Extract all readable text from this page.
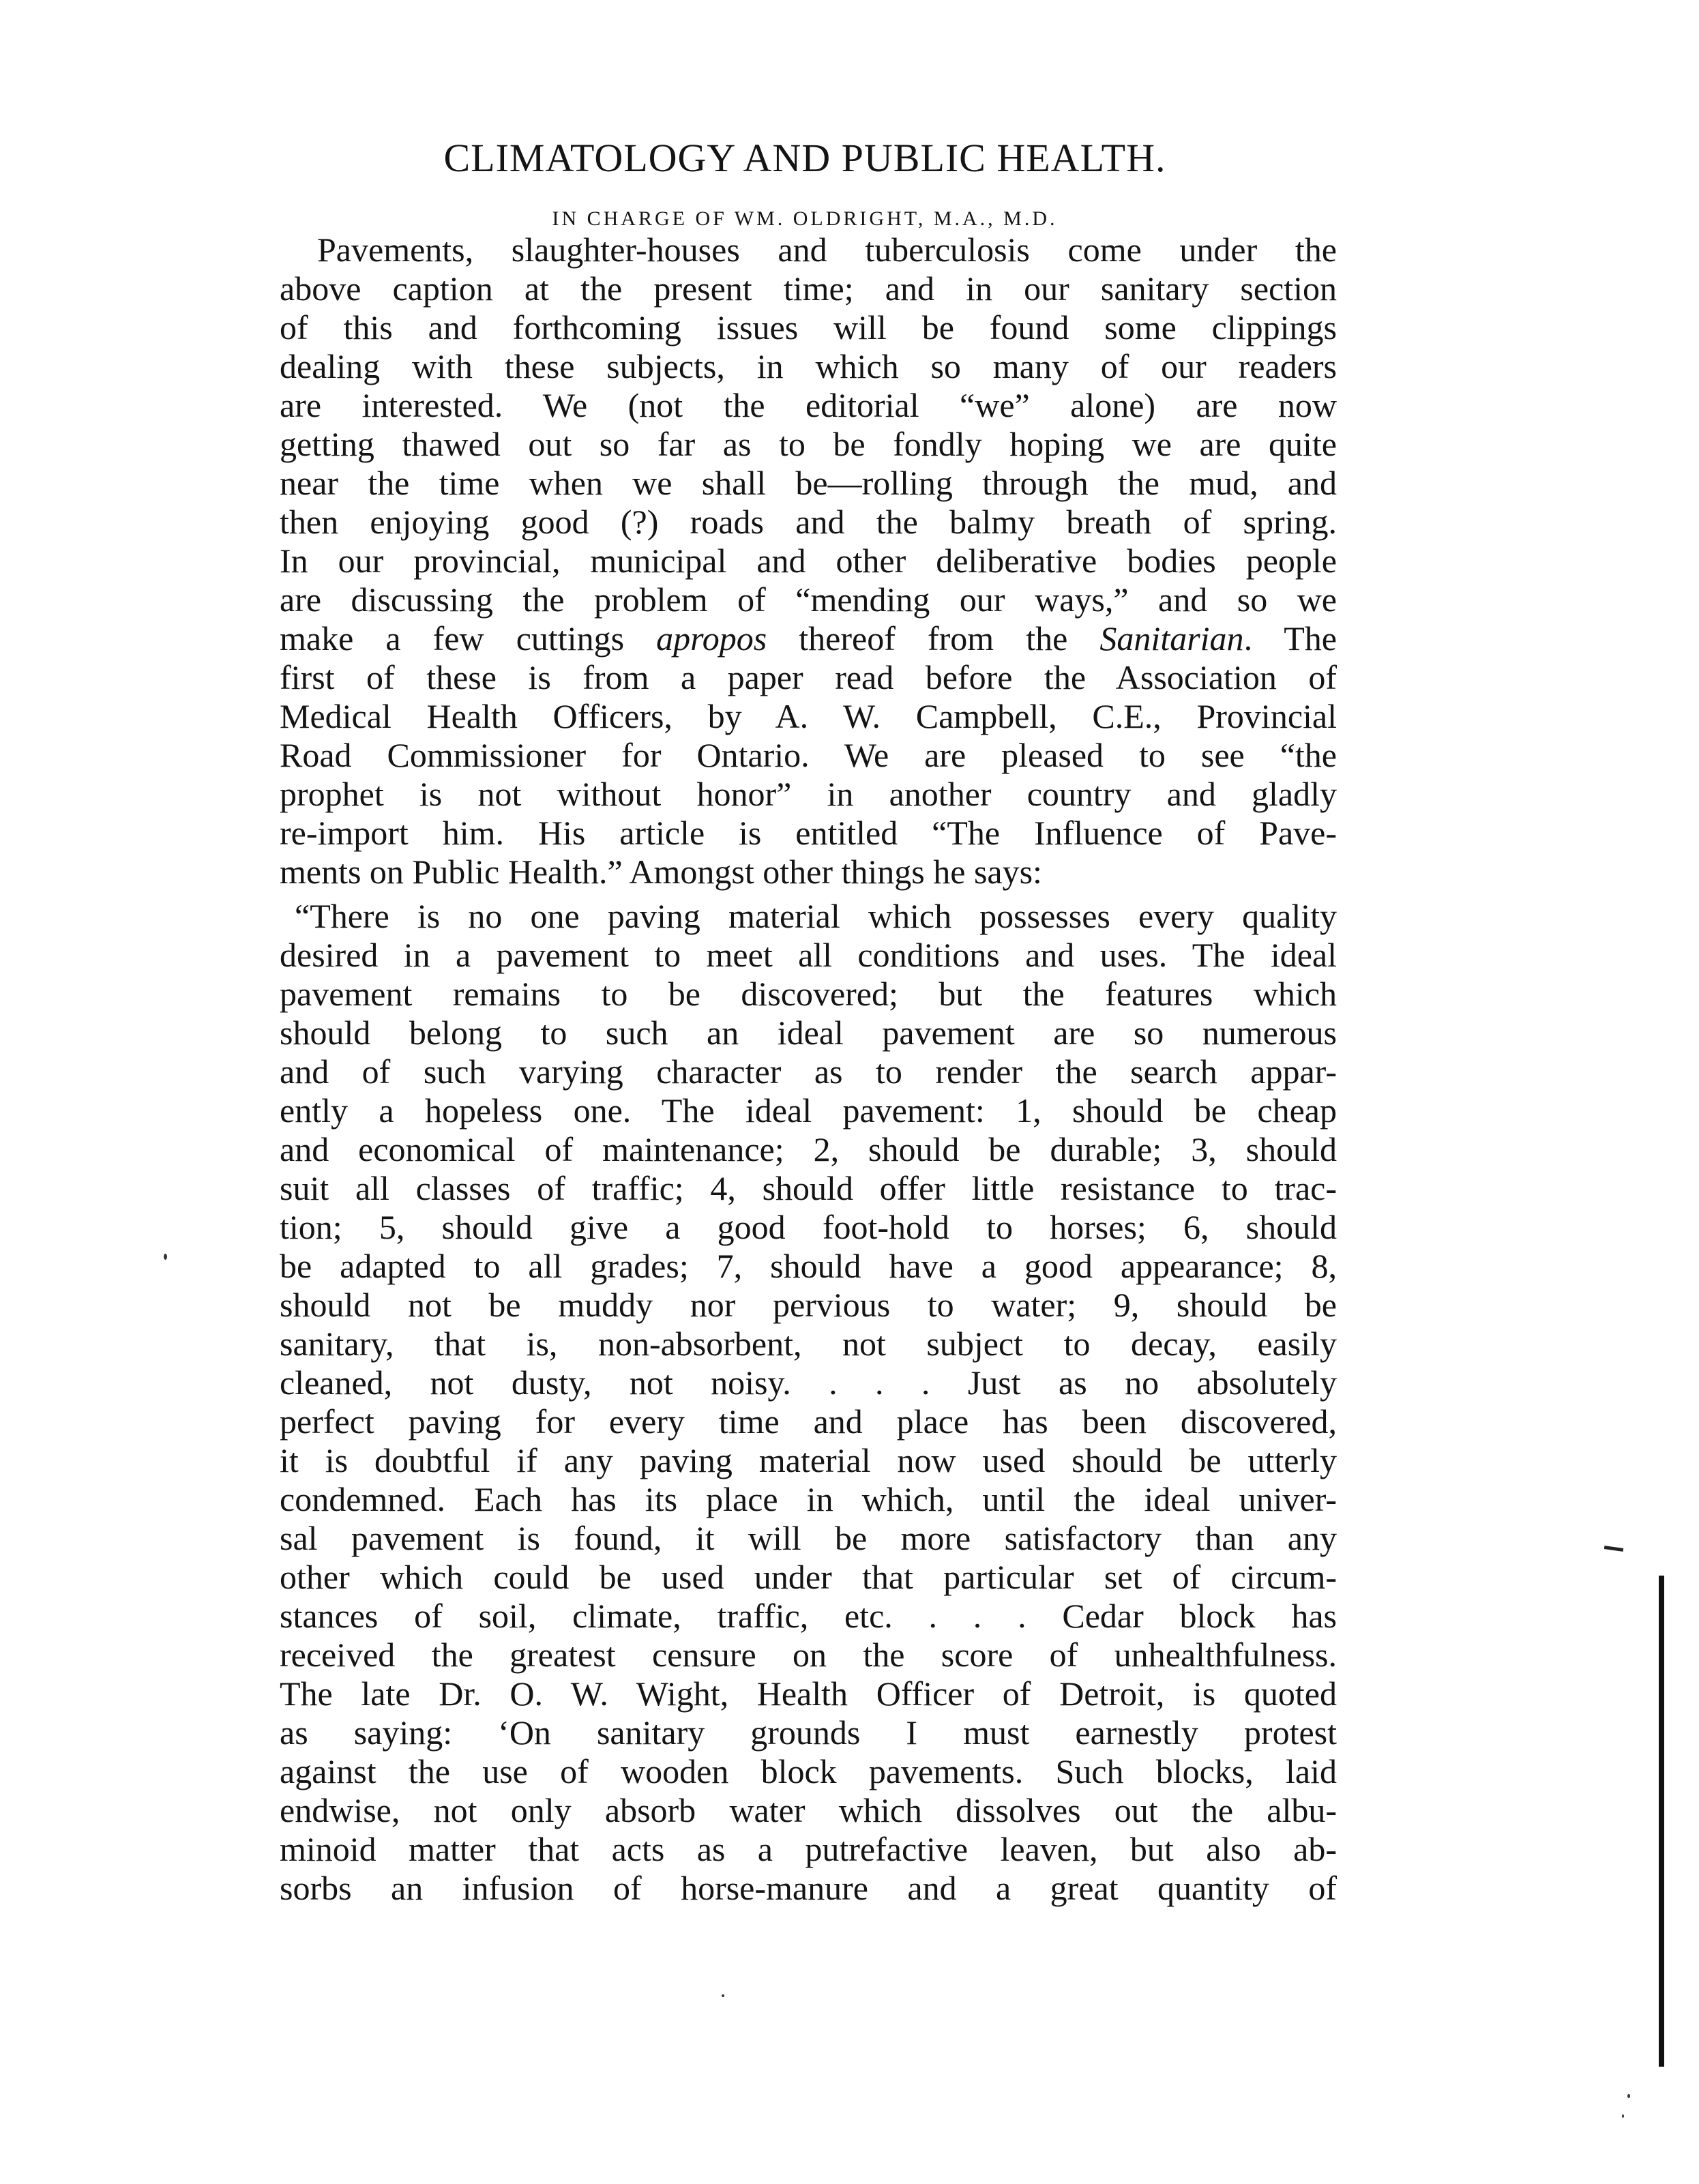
CLIMATOLOGY AND PUBLIC HEALTH.
IN CHARGE OF WM. OLDRIGHT, M.A., M.D.
Pavements, slaughter-houses and tuberculosis come under the
above caption at the present time; and in our sanitary section
of this and forthcoming issues will be found some clippings
dealing with these subjects, in which so many of our readers
are interested. We (not the editorial “we” alone) are now
getting thawed out so far as to be fondly hoping we are quite
near the time when we shall be—rolling through the mud, and
then enjoying good (?) roads and the balmy breath of spring.
In our provincial, municipal and other deliberative bodies people
are discussing the problem of “mending our ways,” and so we
make a few cuttings apropos thereof from the Sanitarian. The
first of these is from a paper read before the Association of
Medical Health Officers, by A. W. Campbell, C.E., Provincial
Road Commissioner for Ontario. We are pleased to see “the
prophet is not without honor” in another country and gladly
re-import him. His article is entitled “The Influence of Pave-
ments on Public Health.” Amongst other things he says:
“There is no one paving material which possesses every quality
desired in a pavement to meet all conditions and uses. The ideal
pavement remains to be discovered; but the features which
should belong to such an ideal pavement are so numerous
and of such varying character as to render the search appar-
ently a hopeless one. The ideal pavement: 1, should be cheap
and economical of maintenance; 2, should be durable; 3, should
suit all classes of traffic; 4, should offer little resistance to trac-
tion; 5, should give a good foot-hold to horses; 6, should
be adapted to all grades; 7, should have a good appearance; 8,
should not be muddy nor pervious to water; 9, should be
sanitary, that is, non-absorbent, not subject to decay, easily
cleaned, not dusty, not noisy. . . . Just as no absolutely
perfect paving for every time and place has been discovered,
it is doubtful if any paving material now used should be utterly
condemned. Each has its place in which, until the ideal univer-
sal pavement is found, it will be more satisfactory than any
other which could be used under that particular set of circum-
stances of soil, climate, traffic, etc. . . . Cedar block has
received the greatest censure on the score of unhealthfulness.
The late Dr. O. W. Wight, Health Officer of Detroit, is quoted
as saying: ‘On sanitary grounds I must earnestly protest
against the use of wooden block pavements. Such blocks, laid
endwise, not only absorb water which dissolves out the albu-
minoid matter that acts as a putrefactive leaven, but also ab-
sorbs an infusion of horse-manure and a great quantity of
